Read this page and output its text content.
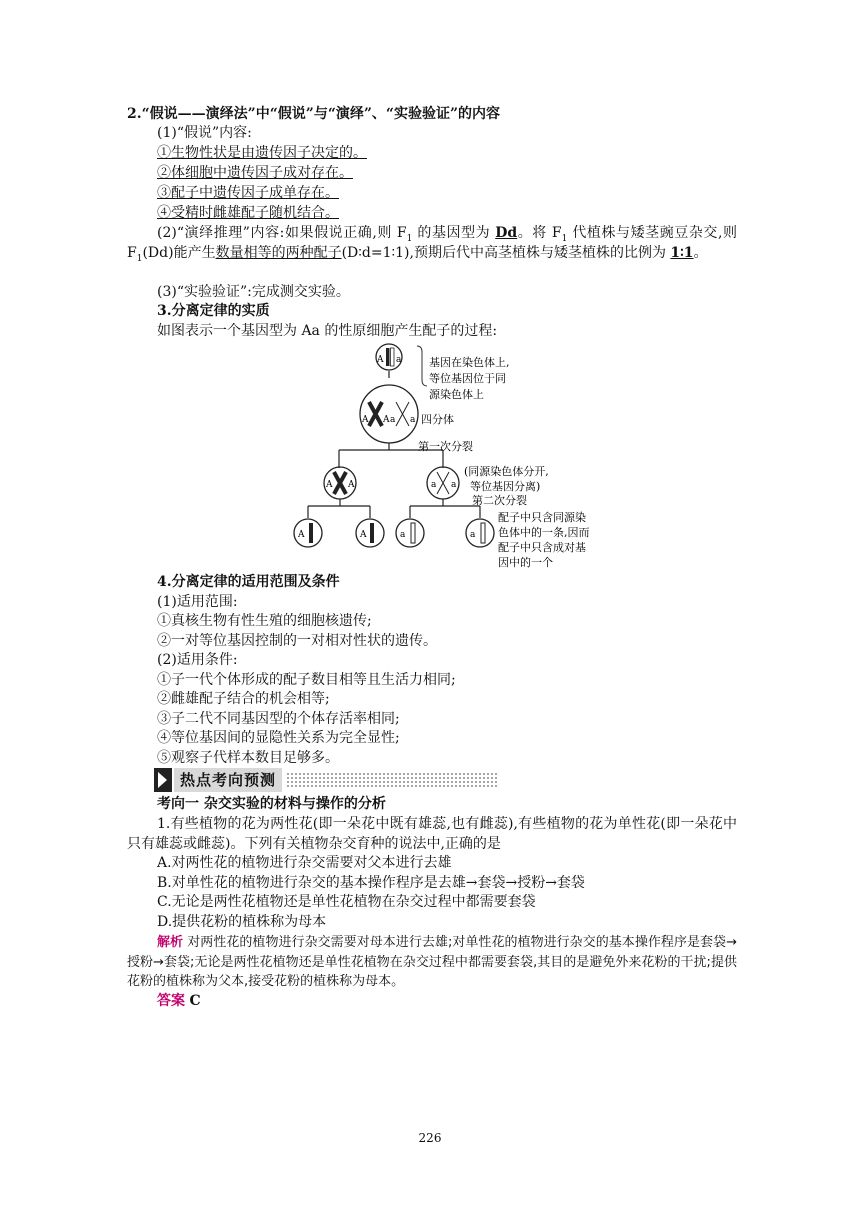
2.“假说——演绎法”中“假说”与“演绎”、“实验验证”的内容
(1)“假说”内容:
①生物性状是由遗传因子决定的。
②体细胞中遗传因子成对存在。
③配子中遗传因子成单存在。
④受精时雌雄配子随机结合。
(2)“演绎推理”内容:如果假说正确,则 $F_1$ 的基因型为 Dd。将 $F_1$ 代植株与矮茎豌豆杂交,则 $F_1(Dd)$能产生数量相等的两种配子(D∶d=1∶1),预期后代中高茎植株与矮茎植株的比例为 1∶1。
(3)“实验验证”:完成测交实验。
3.分离定律的实质
如图表示一个基因型为 Aa 的性原细胞产生配子的过程:
A a	基因在染色体上,
等位基因位于同
源染色体上
A A a a 四分体
第一次分裂
A A	a a
(同源染色体分开,
等位基因分离)
第二次分裂
A	A	a	a
配子中只含同源染
色体中的一条,因而
配子中只含成对基
因中的一个
4.分离定律的适用范围及条件
(1)适用范围:
①真核生物有性生殖的细胞核遗传;
②一对等位基因控制的一对相对性状的遗传。
(2)适用条件:
①子一代个体形成的配子数目相等且生活力相同;
②雌雄配子结合的机会相等;
③子二代不同基因型的个体存活率相同;
④等位基因间的显隐性关系为完全显性;
⑤观察子代样本数目足够多。
热点考向预测
考向一 杂交实验的材料与操作的分析
1.有些植物的花为两性花(即一朵花中既有雄蕊,也有雌蕊),有些植物的花为单性花(即一朵花中只有雄蕊或雌蕊)。下列有关植物杂交育种的说法中,正确的是
A.对两性花的植物进行杂交需要对父本进行去雄
B.对单性花的植物进行杂交的基本操作程序是去雄→套袋→授粉→套袋
C.无论是两性花植物还是单性花植物在杂交过程中都需要套袋
D.提供花粉的植株称为母本
解析 对两性花的植物进行杂交需要对母本进行去雄;对单性花的植物进行杂交的基本操作程序是套袋→授粉→套袋;无论是两性花植物还是单性花植物在杂交过程中都需要套袋,其目的是避免外来花粉的干扰;提供花粉的植株称为父本,接受花粉的植株称为母本。
答案 C
226
